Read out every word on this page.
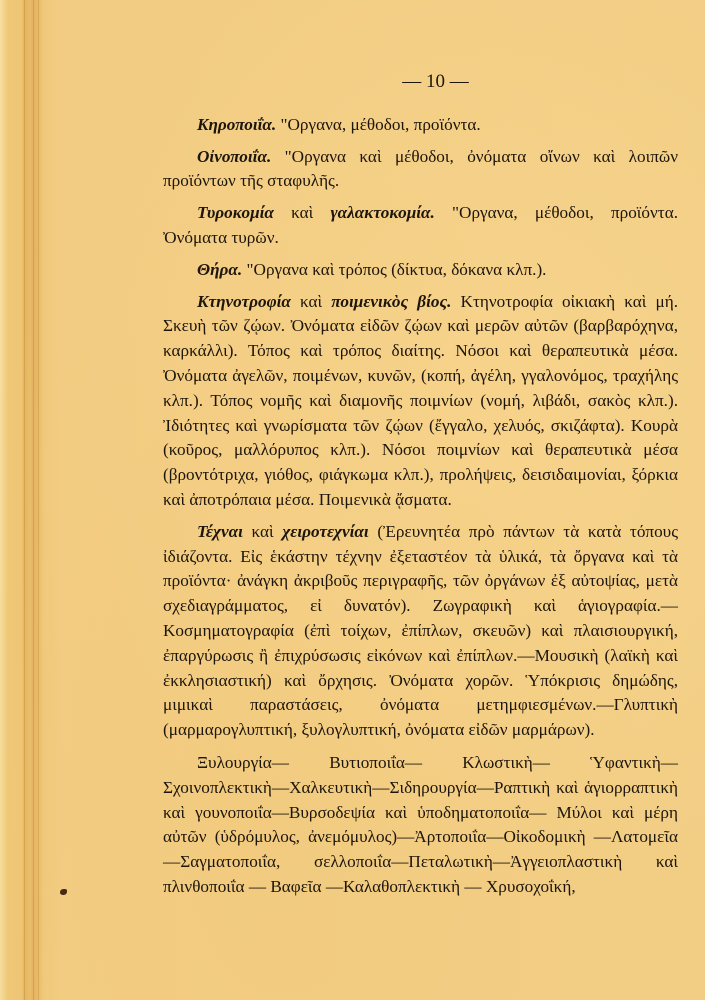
— 10 —

Κηροποιΐα. "Οργανα, μέθοδοι, προϊόντα.

Οἰνοποιΐα. "Οργανα καὶ μέθοδοι, ὀνόματα οἴνων καὶ λοιπῶν προϊόντων τῆς σταφυλῆς.

Τυροκομία καὶ γαλακτοκομία. "Οργανα, μέθοδοι, προϊόντα. Ὀνόματα τυρῶν.

Θήρα. "Οργανα καὶ τρόπος (δίκτυα, δόκανα κλπ.).

Κτηνοτροφία καὶ ποιμενικὸς βίος. Κτηνοτροφία οἰκιακὴ καὶ μή. Σκευὴ τῶν ζῴων. Ὀνόματα εἰδῶν ζῴων καὶ μερῶν αὐτῶν (βαρβαρόχηνα, καρκάλλι). Τόπος καὶ τρόπος διαίτης. Νόσοι καὶ θεραπευτικὰ μέσα. Ὀνόματα ἀγελῶν, ποιμένων, κυνῶν, (κοπή, ἀγέλη, γγαλονόμος, τραχήλης κλπ.). Τόπος νομῆς καὶ διαμονῆς ποιμνίων (νομή, λιβάδι, σακὸς κλπ.). Ἰδιότητες καὶ γνωρίσματα τῶν ζῴων (ἔγγαλο, χελυός, σκιζάφτα). Κουρὰ (κοῦρος, μαλλόρυπος κλπ.). Νόσοι ποιμνίων καὶ θεραπευτικὰ μέσα (βροντότριχα, γιόθος, φιάγκωμα κλπ.), προλήψεις, δεισιδαιμονίαι, ξόρκια καὶ ἀποτρόπαια μέσα. Ποιμενικὰ ᾄσματα.

Τέχναι καὶ χειροτεχνίαι (Ἐρευνητέα πρὸ πάντων τὰ κατὰ τόπους ἰδιάζοντα. Εἰς ἑκάστην τέχνην ἐξεταστέον τὰ ὑλικά, τὰ ὄργανα καὶ τὰ προϊόντα· ἀνάγκη ἀκριβοῦς περιγραφῆς, τῶν ὀργάνων ἐξ αὐτοψίας, μετὰ σχεδιαγράμματος, εἰ δυνατόν). Ζωγραφικὴ καὶ ἁγιογραφία.—Κοσμηματογραφία (ἐπὶ τοίχων, ἐπίπλων, σκευῶν) καὶ πλαισιουργική, ἐπαργύρωσις ἢ ἐπιχρύσωσις εἰκόνων καὶ ἐπίπλων.—Μουσικὴ (λαϊκὴ καὶ ἐκκλησιαστική) καὶ ὄρχησις. Ὀνόματα χορῶν. Ὑπόκρισις δημώδης, μιμικαὶ παραστάσεις, ὀνόματα μετημφιεσμένων.—Γλυπτικὴ (μαρμαρογλυπτική, ξυλογλυπτική, ὀνόματα εἰδῶν μαρμάρων).

Ξυλουργία— Βυτιοποιΐα— Κλωστικὴ— Ὑφαντικὴ— Σχοινοπλεκτικὴ—Χαλκευτικὴ—Σιδηρουργία—Ραπτικὴ καὶ ἁγιορραπτικὴ καὶ γουνοποιΐα—Βυρσοδεψία καὶ ὑποδηματοποιΐα— Μύλοι καὶ μέρη αὐτῶν (ὑδρόμυλος, ἀνεμόμυλος)—Ἀρτοποιΐα—Οἰκοδομικὴ —Λατομεῖα—Σαγματοποιΐα, σελλοποιΐα—Πεταλωτικὴ—Ἀγγειοπλαστικὴ καὶ πλινθοποιΐα — Βαφεῖα —Καλαθοπλεκτικὴ — Χρυσοχοΐκή,
